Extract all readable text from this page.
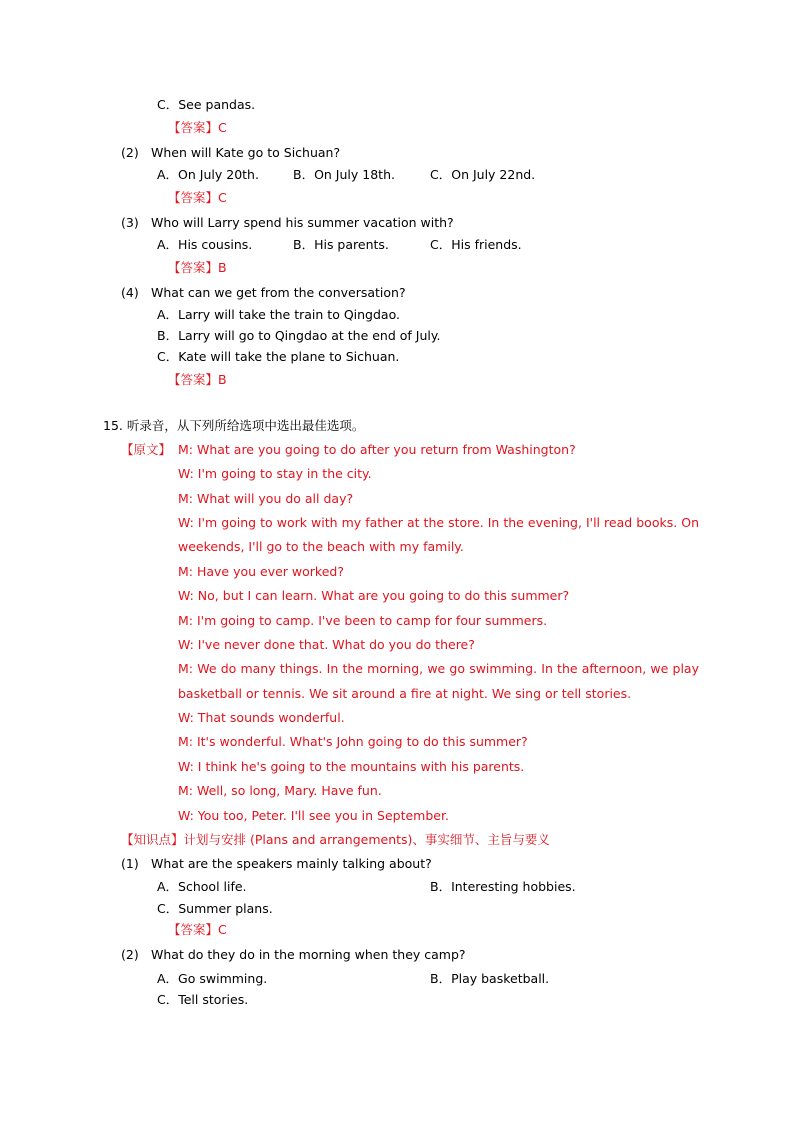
C．See pandas.
【答案】C
(2) When will Kate go to Sichuan?
A．On July 20th.	B．On July 18th.	C．On July 22nd.
【答案】C
(3) Who will Larry spend his summer vacation with?
A．His cousins.	B．His parents.	C．His friends.
【答案】B
(4) What can we get from the conversation?
A．Larry will take the train to Qingdao.
B．Larry will go to Qingdao at the end of July.
C．Kate will take the plane to Sichuan.
【答案】B
15. 听录音，从下列所给选项中选出最佳选项。
【原文】 M: What are you going to do after you return from Washington?
W: I'm going to stay in the city.
M: What will you do all day?
W: I'm going to work with my father at the store. In the evening, I'll read books. On
weekends, I'll go to the beach with my family.
M: Have you ever worked?
W: No, but I can learn. What are you going to do this summer?
M: I'm going to camp. I've been to camp for four summers.
W: I've never done that. What do you do there?
M: We do many things. In the morning, we go swimming. In the afternoon, we play
basketball or tennis. We sit around a fire at night. We sing or tell stories.
W: That sounds wonderful.
M: It's wonderful. What's John going to do this summer?
W: I think he's going to the mountains with his parents.
M: Well, so long, Mary. Have fun.
W: You too, Peter. I'll see you in September.
【知识点】计划与安排 (Plans and arrangements)、事实细节、主旨与要义
(1) What are the speakers mainly talking about?
A．School life.	B．Interesting hobbies.
C．Summer plans.
【答案】C
(2) What do they do in the morning when they camp?
A．Go swimming.	B．Play basketball.
C．Tell stories.
